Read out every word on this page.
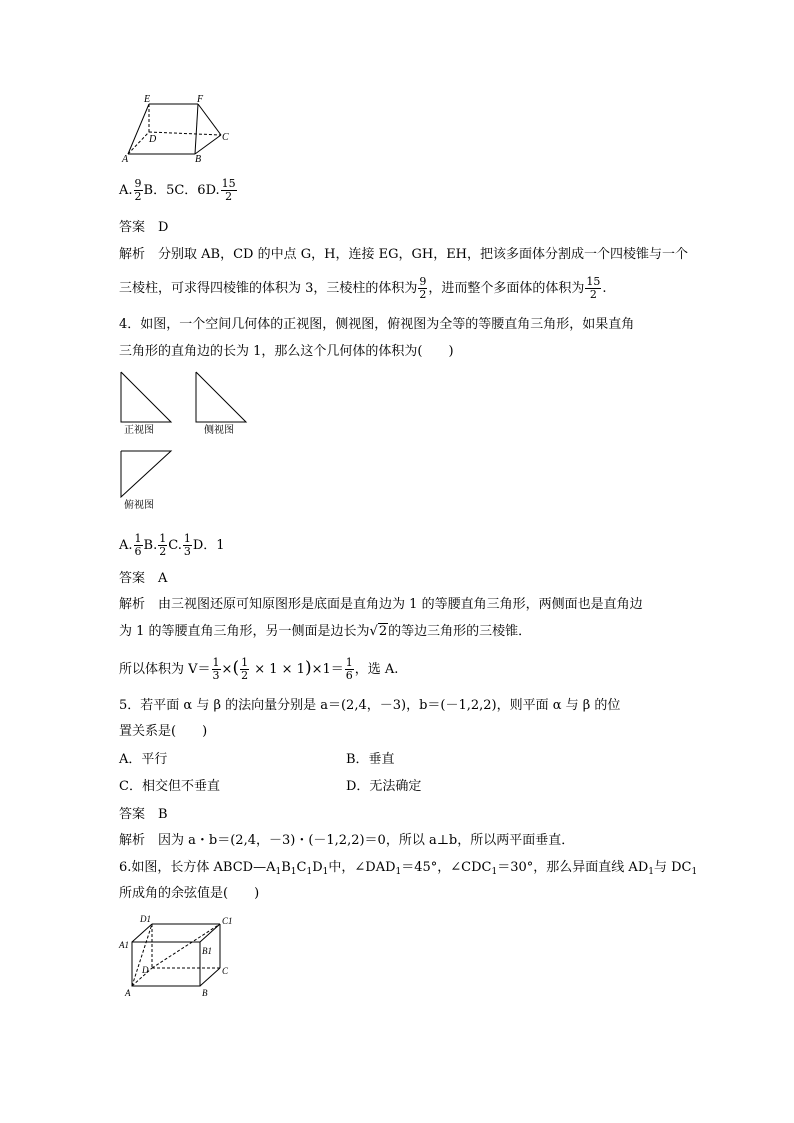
E	F
D	C
A	B
A. $\frac{9}{2}$ B．5C．6D. $\frac{15}{2}$
答案　 D
解析　 分别取 AB，CD 的中点 G，H，连接 EG，GH，EH，把该多面体分割成一个四棱锥与一个
三棱柱，可求得四棱锥的体积为 3，三棱柱的体积为 $\frac{9}{2}$ ，进而整个多面体的体积为 $\frac{15}{2}$ .
4．如图，一个空间几何体的正视图，侧视图，俯视图为全等的等腰直角三角形，如果直角
三角形的直角边的长为 1，那么这个几何体的体积为(　　)
正视图	侧视图
俯视图
A. $\frac{1}{6} B$. $\frac{1}{2} C$. $\frac{1}{3}$ D．1
答案　 A
解析　 由三视图还原可知原图形是底面是直角边为 1 的等腰直角三角形，两侧面也是直角边
为 1 的等腰直角三角形，另一侧面是边长为√2的等边三角形的三棱锥．
所以体积为 $V= \frac{1}{3}$ ×( $\frac{1}{2} \times 1 \times 1)\times 1= \frac{1}{6}$ ，选 A.
5．若平面 α 与 β 的法向量分别是 a＝(2,4，－3)，b＝(－1,2,2)，则平面 α 与 β 的位
置关系是(　　)
A．平行	B．垂直
C．相交但不垂直	D．无法确定
答案　 B
解析　 因为 a・b＝(2,4，－3)・(－1,2,2)＝0，所以 a⊥b，所以两平面垂直．
6.如图，长方体 $ABCD—A_1B_1C_1D_1$中，$\angle DAD_1=45^\circ$，$\angle CDC_1=30^\circ$，那么异面直线 $AD_1$与 $DC_1$
所成角的余弦值是(　　)
D1	C1
A1
B1
D	C
A	B
